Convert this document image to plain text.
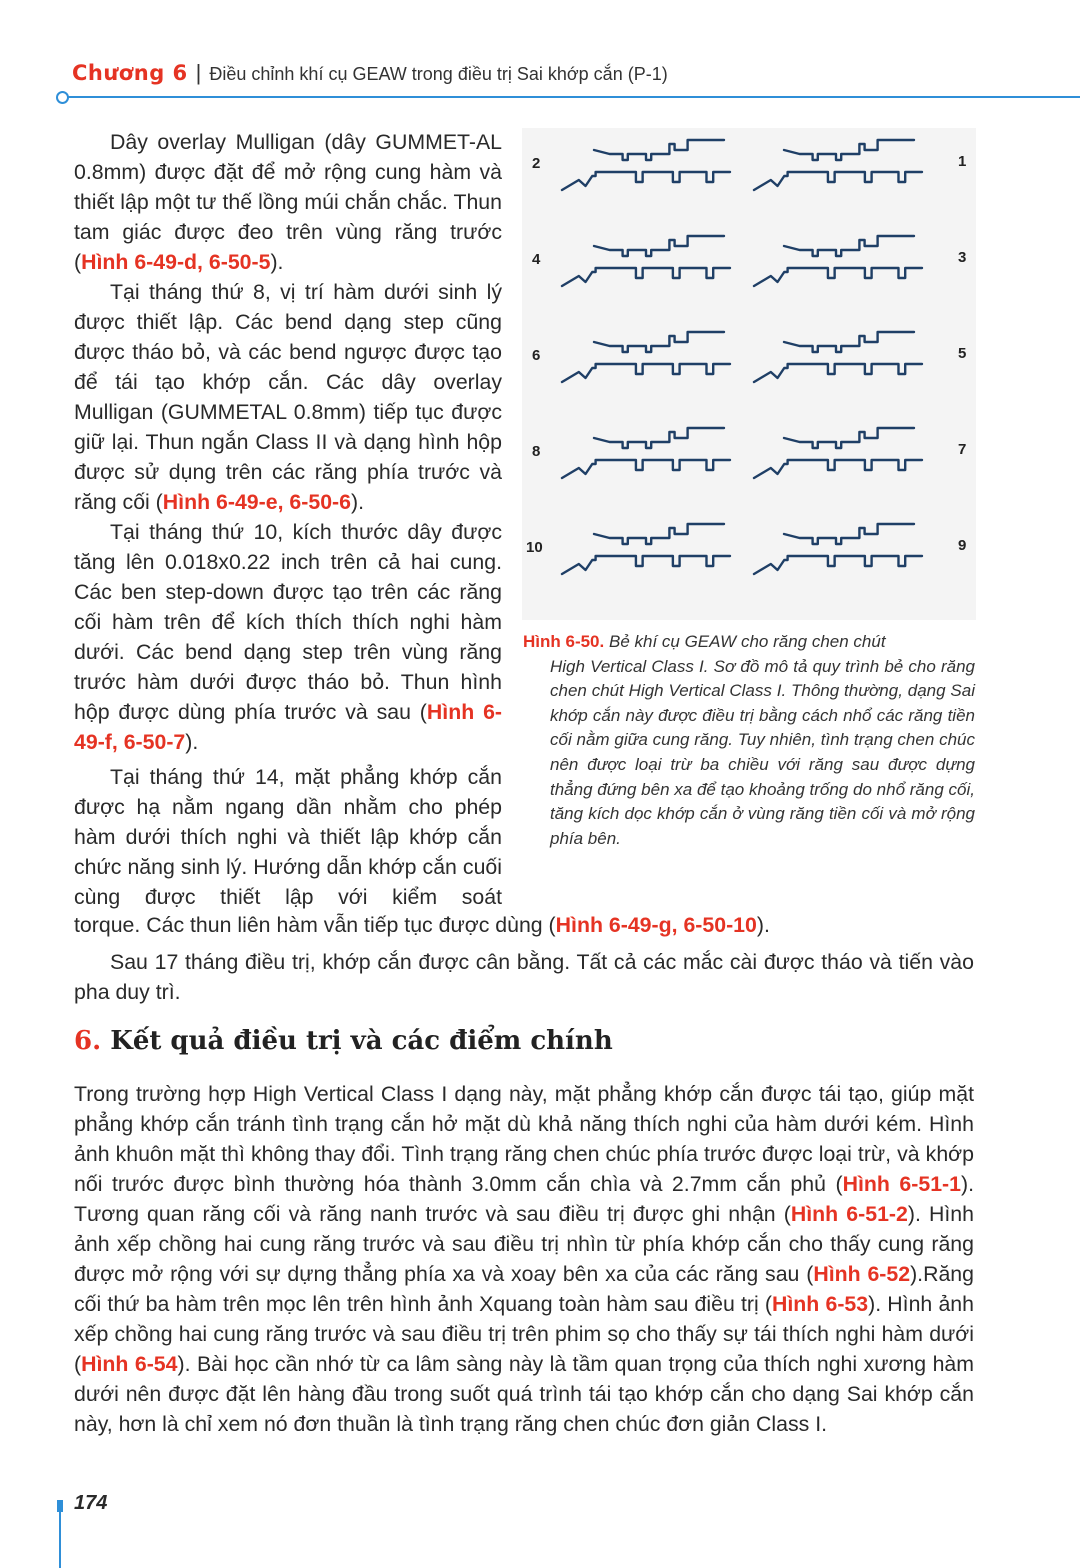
Chương 6 | Điều chỉnh khí cụ GEAW trong điều trị Sai khớp cắn (P-1)

Dây overlay Mulligan (dây GUMMET-AL 0.8mm) được đặt để mở rộng cung hàm và thiết lập một tư thế lồng múi chắn chắc. Thun tam giác được đeo trên vùng răng trước (Hình 6-49-d, 6-50-5).

Tại tháng thứ 8, vị trí hàm dưới sinh lý được thiết lập. Các bend dạng step cũng được tháo bỏ, và các bend ngược được tạo để tái tạo khớp cắn. Các dây overlay Mulligan (GUMMETAL 0.8mm) tiếp tục được giữ lại. Thun ngắn Class II và dạng hình hộp được sử dụng trên các răng phía trước và răng cối (Hình 6-49-e, 6-50-6).

Tại tháng thứ 10, kích thước dây được tăng lên 0.018x0.22 inch trên cả hai cung. Các ben step-down được tạo trên các răng cối hàm trên để kích thích thích nghi hàm dưới. Các bend dạng step trên vùng răng trước hàm dưới được tháo bỏ. Thun hình hộp được dùng phía trước và sau (Hình 6-49-f, 6-50-7).

Tại tháng thứ 14, mặt phẳng khớp cắn được hạ nằm ngang dần nhằm cho phép hàm dưới thích nghi và thiết lập khớp cắn chức năng sinh lý. Hướng dẫn khớp cắn cuối cùng được thiết lập với kiểm soát

torque. Các thun liên hàm vẫn tiếp tục được dùng (Hình 6-49-g, 6-50-10).

Sau 17 tháng điều trị, khớp cắn được cân bằng. Tất cả các mắc cài được tháo và tiến vào pha duy trì.

2	1
4	3
6	5
8	7
10	9
Hình 6-50. Bẻ khí cụ GEAW cho răng chen chút
High Vertical Class I. Sơ đồ mô tả quy trình bẻ cho răng chen chút High Vertical Class I. Thông thường, dạng Sai khớp cắn này được điều trị bằng cách nhổ các răng tiền cối nằm giữa cung răng. Tuy nhiên, tình trạng chen chúc nên được loại trừ ba chiều với răng sau được dựng thẳng đứng bên xa để tạo khoảng trống do nhổ răng cối, tăng kích dọc khớp cắn ở vùng răng tiền cối và mở rộng phía bên.
6. Kết quả điều trị và các điểm chính

Trong trường hợp High Vertical Class I dạng này, mặt phẳng khớp cắn được tái tạo, giúp mặt phẳng khớp cắn tránh tình trạng cắn hở mặt dù khả năng thích nghi của hàm dưới kém. Hình ảnh khuôn mặt thì không thay đổi. Tình trạng răng chen chúc phía trước được loại trừ, và khớp nối trước được bình thường hóa thành 3.0mm cắn chìa và 2.7mm cắn phủ (Hình 6-51-1). Tương quan răng cối và răng nanh trước và sau điều trị được ghi nhận (Hình 6-51-2). Hình ảnh xếp chồng hai cung răng trước và sau điều trị nhìn từ phía khớp cắn cho thấy cung răng được mở rộng với sự dựng thẳng phía xa và xoay bên xa của các răng sau (Hình 6-52).Răng cối thứ ba hàm trên mọc lên trên hình ảnh Xquang toàn hàm sau điều trị (Hình 6-53). Hình ảnh xếp chồng hai cung răng trước và sau điều trị trên phim sọ cho thấy sự tái thích nghi hàm dưới (Hình 6-54). Bài học cần nhớ từ ca lâm sàng này là tầm quan trọng của thích nghi xương hàm dưới nên được đặt lên hàng đầu trong suốt quá trình tái tạo khớp cắn cho dạng Sai khớp cắn này, hơn là chỉ xem nó đơn thuần là tình trạng răng chen chúc đơn giản Class I.

174
